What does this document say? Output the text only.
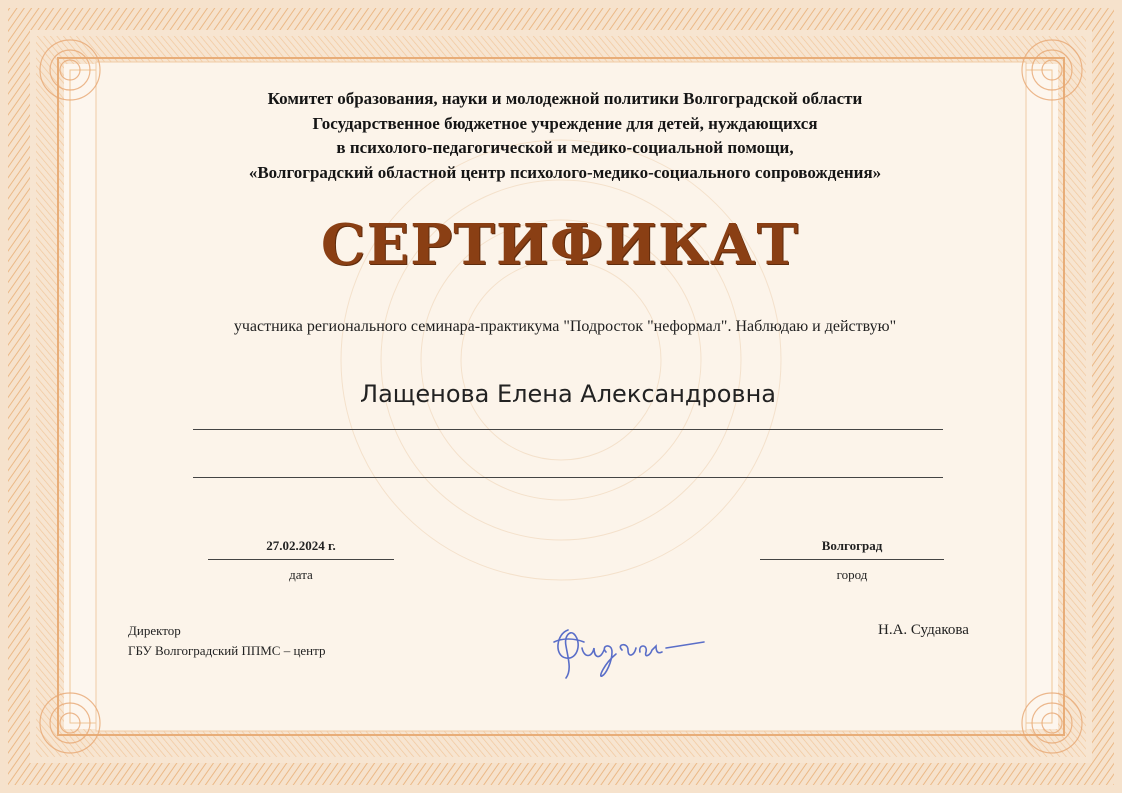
Комитет образования, науки и молодежной политики Волгоградской области
Государственное бюджетное учреждение для детей, нуждающихся
в психолого-педагогической и медико-социальной помощи,
«Волгоградский областной центр психолого-медико-социального сопровождения»
СЕРТИФИКАТ
участника регионального семинара-практикума "Подросток "неформал". Наблюдаю и действую"
Лащенова Елена Александровна
27.02.2024 г.
дата
Волгоград
город
Директор
ГБУ Волгоградский ППМС – центр
Н.А. Судакова
